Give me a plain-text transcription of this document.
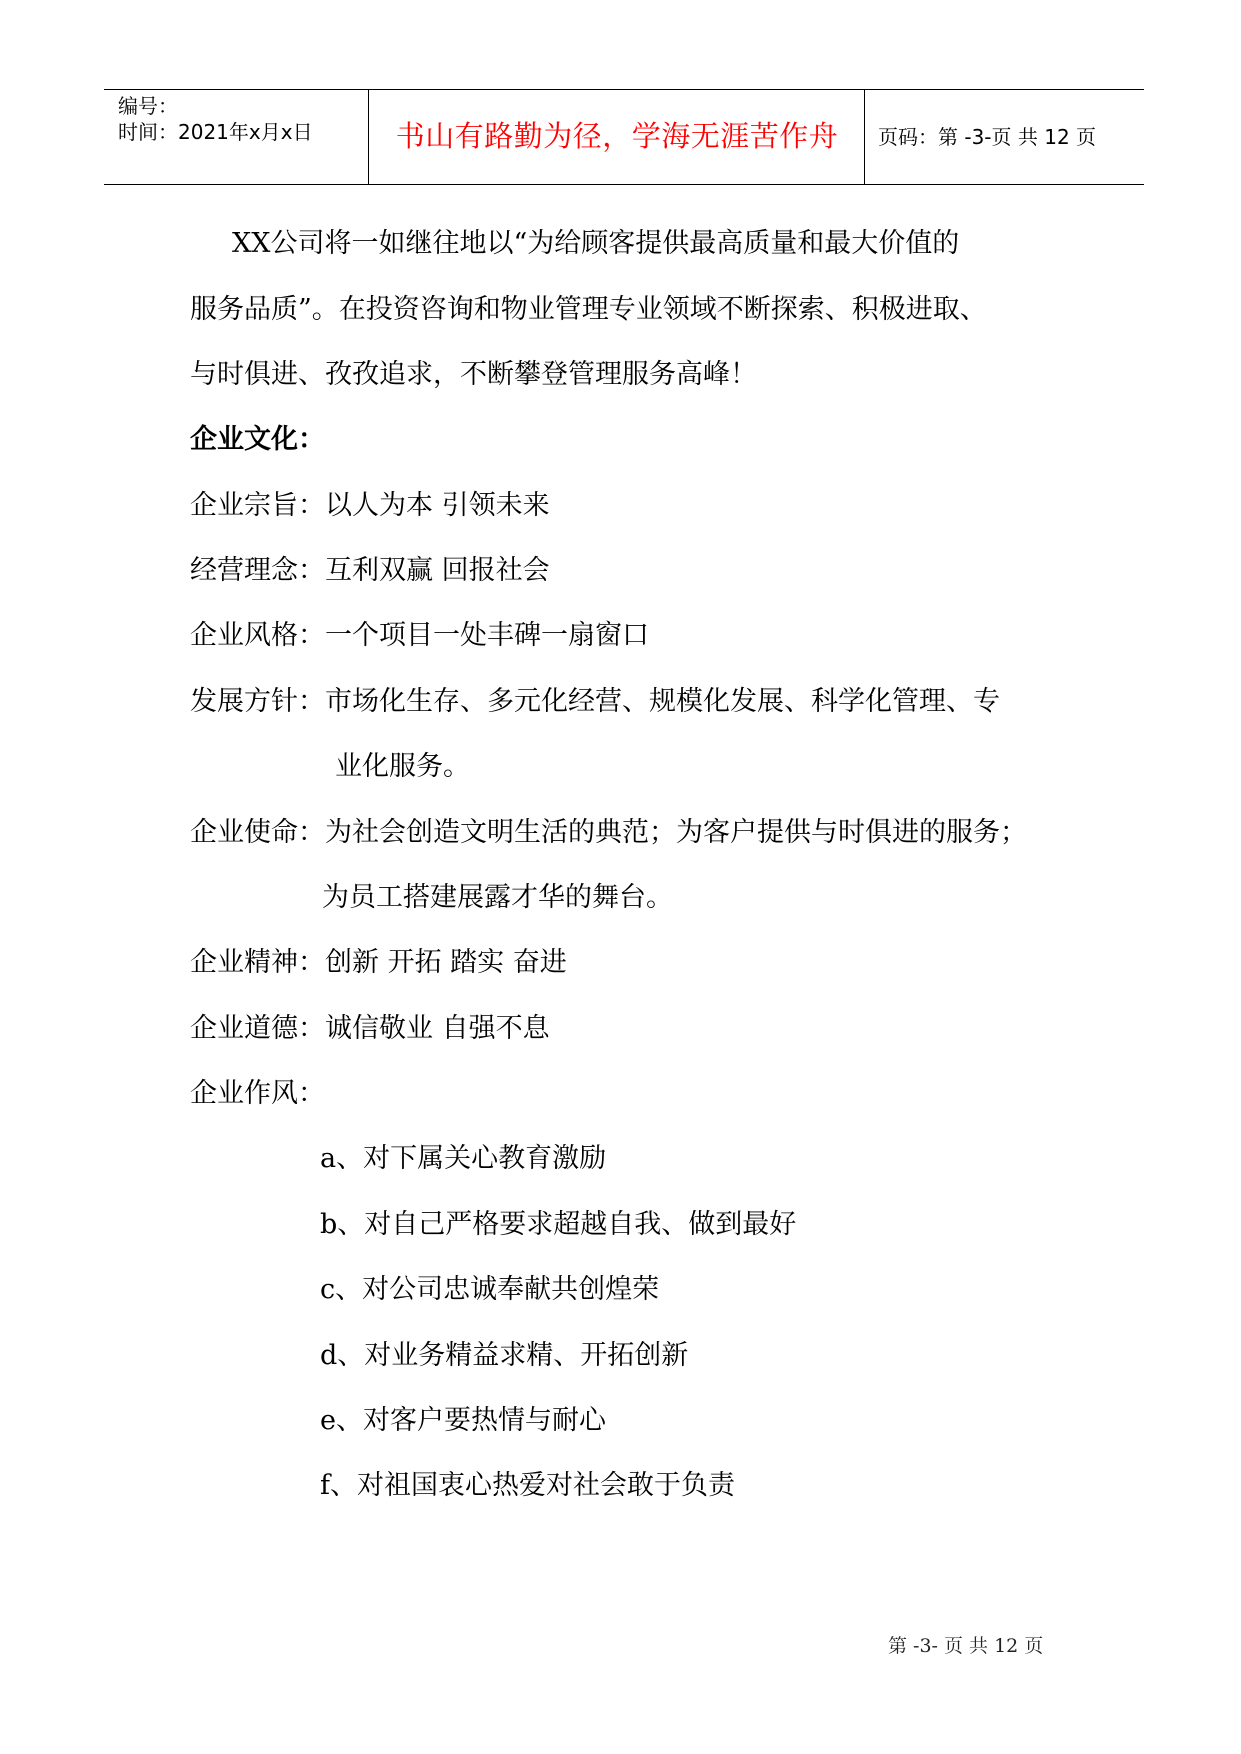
编号：
时间：2021年x月x日	书山有路勤为径，学海无涯苦作舟	页码：第 -3-页 共 12 页
XX公司将一如继往地以“为给顾客提供最高质量和最大价值的
服务品质”。在投资咨询和物业管理专业领域不断探索、积极进取、
与时俱进、孜孜追求，不断攀登管理服务高峰！
企业文化：
企业宗旨：以人为本 引领未来
经营理念：互利双赢 回报社会
企业风格：一个项目一处丰碑一扇窗口
发展方针：市场化生存、多元化经营、规模化发展、科学化管理、专
业化服务。
企业使命：为社会创造文明生活的典范；为客户提供与时俱进的服务；
为员工搭建展露才华的舞台。
企业精神：创新 开拓 踏实 奋进
企业道德：诚信敬业 自强不息
企业作风：
a、对下属关心教育激励
b、对自己严格要求超越自我、做到最好
c、对公司忠诚奉献共创煌荣
d、对业务精益求精、开拓创新
e、对客户要热情与耐心
f、对祖国衷心热爱对社会敢于负责
第 -3- 页 共 12 页
